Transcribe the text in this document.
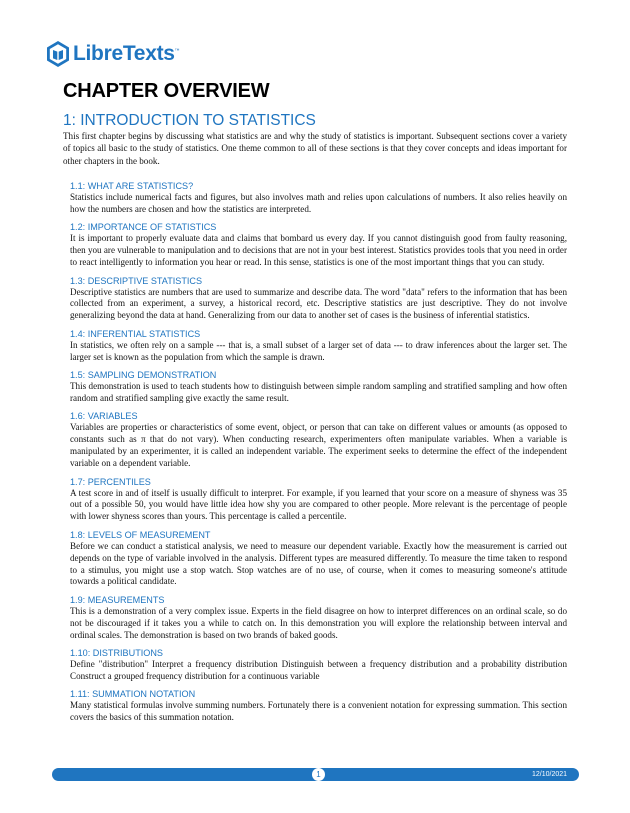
LibreTexts ™
CHAPTER OVERVIEW
1: INTRODUCTION TO STATISTICS

This first chapter begins by discussing what statistics are and why the study of statistics is important. Subsequent sections cover a variety of topics all basic to the study of statistics. One theme common to all of these sections is that they cover concepts and ideas important for other chapters in the book.

1.1: WHAT ARE STATISTICS?

Statistics include numerical facts and figures, but also involves math and relies upon calculations of numbers. It also relies heavily on how the numbers are chosen and how the statistics are interpreted.

1.2: IMPORTANCE OF STATISTICS

It is important to properly evaluate data and claims that bombard us every day. If you cannot distinguish good from faulty reasoning, then you are vulnerable to manipulation and to decisions that are not in your best interest. Statistics provides tools that you need in order to react intelligently to information you hear or read. In this sense, statistics is one of the most important things that you can study.

1.3: DESCRIPTIVE STATISTICS

Descriptive statistics are numbers that are used to summarize and describe data. The word "data" refers to the information that has been collected from an experiment, a survey, a historical record, etc. Descriptive statistics are just descriptive. They do not involve generalizing beyond the data at hand. Generalizing from our data to another set of cases is the business of inferential statistics.

1.4: INFERENTIAL STATISTICS

In statistics, we often rely on a sample --- that is, a small subset of a larger set of data --- to draw inferences about the larger set. The larger set is known as the population from which the sample is drawn.

1.5: SAMPLING DEMONSTRATION

This demonstration is used to teach students how to distinguish between simple random sampling and stratified sampling and how often random and stratified sampling give exactly the same result.

1.6: VARIABLES

Variables are properties or characteristics of some event, object, or person that can take on different values or amounts (as opposed to constants such as π that do not vary). When conducting research, experimenters often manipulate variables. When a variable is manipulated by an experimenter, it is called an independent variable. The experiment seeks to determine the effect of the independent variable on a dependent variable.

1.7: PERCENTILES

A test score in and of itself is usually difficult to interpret. For example, if you learned that your score on a measure of shyness was 35 out of a possible 50, you would have little idea how shy you are compared to other people. More relevant is the percentage of people with lower shyness scores than yours. This percentage is called a percentile.

1.8: LEVELS OF MEASUREMENT

Before we can conduct a statistical analysis, we need to measure our dependent variable. Exactly how the measurement is carried out depends on the type of variable involved in the analysis. Different types are measured differently. To measure the time taken to respond to a stimulus, you might use a stop watch. Stop watches are of no use, of course, when it comes to measuring someone's attitude towards a political candidate.

1.9: MEASUREMENTS

This is a demonstration of a very complex issue. Experts in the field disagree on how to interpret differences on an ordinal scale, so do not be discouraged if it takes you a while to catch on. In this demonstration you will explore the relationship between interval and ordinal scales. The demonstration is based on two brands of baked goods.

1.10: DISTRIBUTIONS

Define "distribution" Interpret a frequency distribution Distinguish between a frequency distribution and a probability distribution Construct a grouped frequency distribution for a continuous variable

1.11: SUMMATION NOTATION

Many statistical formulas involve summing numbers. Fortunately there is a convenient notation for expressing summation. This section covers the basics of this summation notation.

1	12/10/2021
